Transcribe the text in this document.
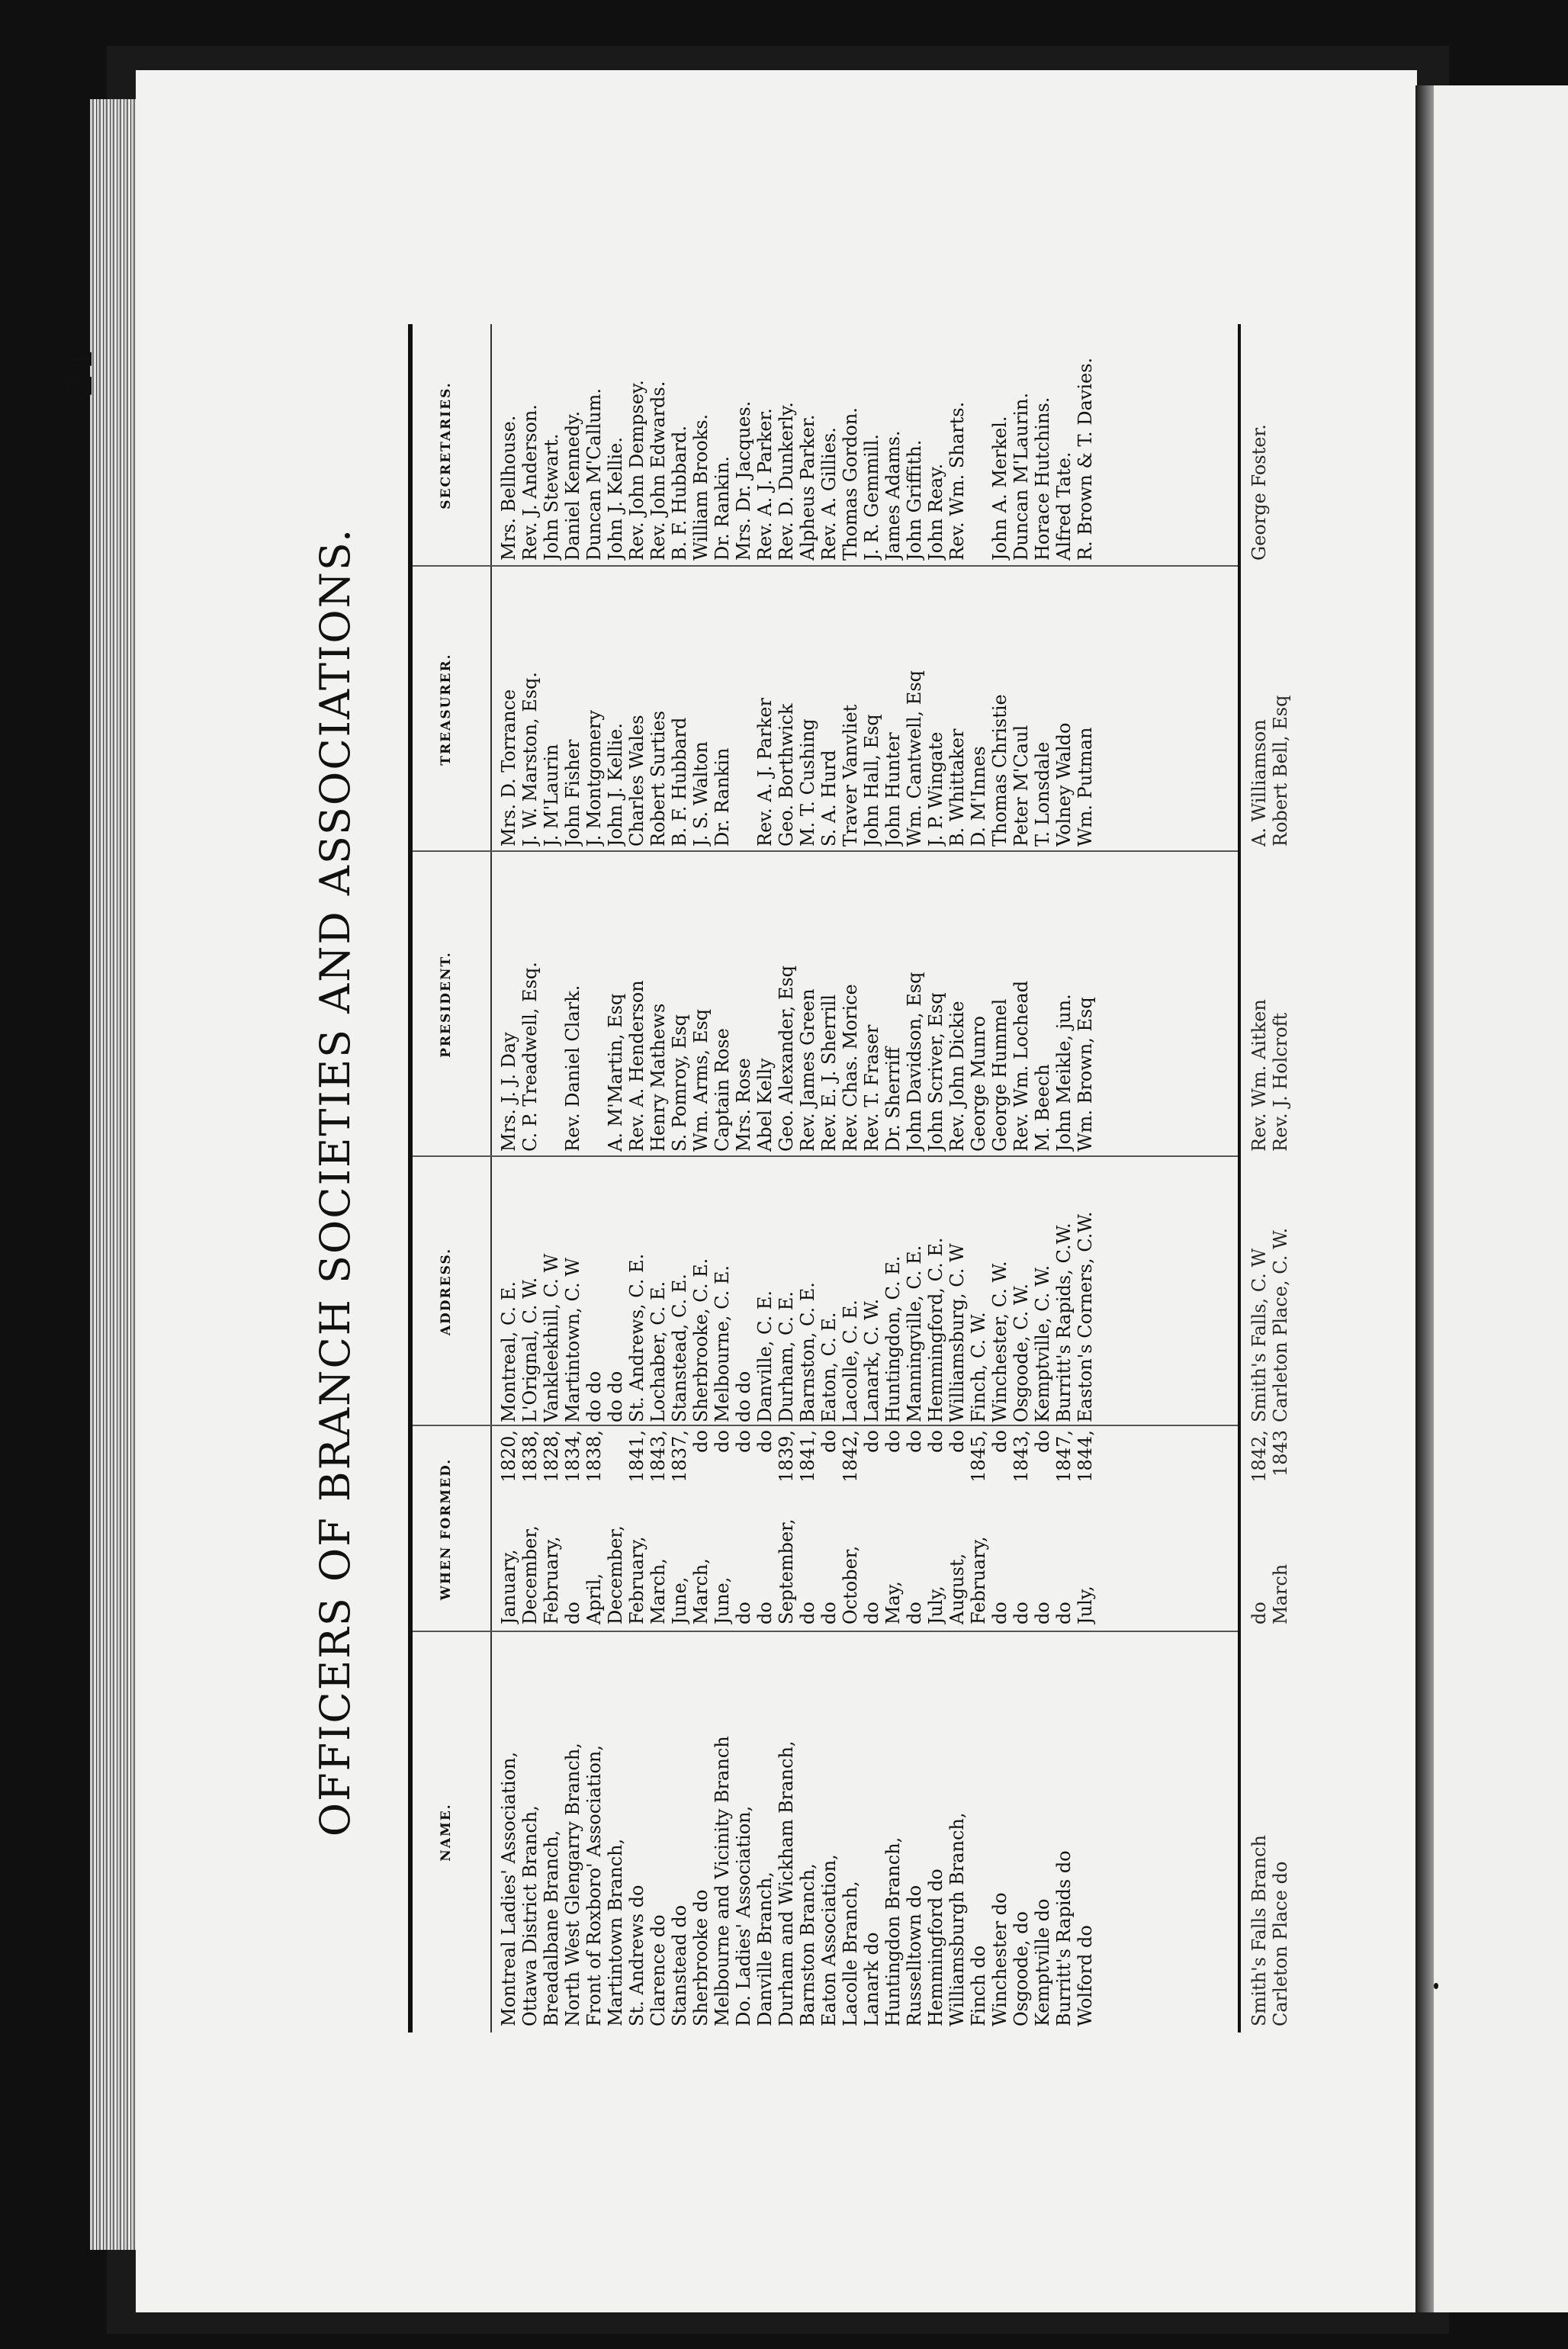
24
OFFICERS OF BRANCH SOCIETIES AND ASSOCIATIONS.	NAME.
WHEN FORMED.
ADDRESS.
PRESIDENT.
TREASURER.
SECRETARIES.
Montreal Ladies' Association,
January,
1820,
Montreal, C. E.
Mrs. J. J. Day
Mrs. D. Torrance
Mrs. Bellhouse.
Ottawa District Branch,
December,
1838,
L'Orignal, C. W.
C. P. Treadwell, Esq.
J. W. Marston, Esq.
Rev. J. Anderson.
Breadalbane Branch,
February,
1828,
Vankleekhill, C. W
J. M'Laurin
John Stewart.
North West Glengarry Branch,
do
1834,
Martintown, C. W
Rev. Daniel Clark.
John Fisher
Daniel Kennedy.
Front of Roxboro' Association,
April,
1838,
do do
J. Montgomery
Duncan M'Callum.
Martintown Branch,
December,
do do
A. M'Martin, Esq
John J. Kellie.
John J. Kellie.
St. Andrews do
February,
1841,
St. Andrews, C. E.
Rev. A. Henderson
Charles Wales
Rev. John Dempsey.
Clarence do
March,
1843,
Lochaber, C. E.
Henry Mathews
Robert Surties
Rev. John Edwards.
Stanstead do
June,
1837,
Stanstead, C. E.
S. Pomroy, Esq
B. F. Hubbard
B. F. Hubbard.
Sherbrooke do
March,
do
Sherbrooke, C. E.
Wm. Arms, Esq
J. S. Walton
William Brooks.
Melbourne and Vicinity Branch
June,
do
Melbourne, C. E.
Captain Rose
Dr. Rankin
Dr. Rankin.
Do. Ladies' Association,
do
do
do do
Mrs. Rose
Mrs. Dr. Jacques.
Danville Branch,
do
do
Danville, C. E.
Abel Kelly
Rev. A. J. Parker
Rev. A. J. Parker.
Durham and Wickham Branch,
September,
1839,
Durham, C. E.
Geo. Alexander, Esq
Geo. Borthwick
Rev. D. Dunkerly.
Barnston Branch,
do
1841,
Barnston, C. E.
Rev. James Green
M. T. Cushing
Alpheus Parker.
Eaton Association,
do
do
Eaton, C. E.
Rev. E. J. Sherrill
S. A. Hurd
Rev. A. Gillies.
Lacolle Branch,
October,
1842,
Lacolle, C. E.
Rev. Chas. Morice
Traver Vanvliet
Thomas Gordon.
Lanark do
do
do
Lanark, C. W.
Rev. T. Fraser
John Hall, Esq
J. R. Gemmill.
Huntingdon Branch,
May,
do
Huntingdon, C. E.
Dr. Sherriff
John Hunter
James Adams.
Russelltown do
do
do
Manningville, C. E.
John Davidson, Esq
Wm. Cantwell, Esq
John Griffith.
Hemmingford do
July,
do
Hemmingford, C. E.
John Scriver, Esq
J. P. Wingate
John Reay.
Williamsburgh Branch,
August,
do
Williamsburg, C. W
Rev. John Dickie
B. Whittaker
Rev. Wm. Sharts.
Finch do
February,
1845,
Finch, C. W.
George Munro
D. M'Innes
Winchester do
do
do
Winchester, C. W.
George Hummel
Thomas Christie
John A. Merkel.
Osgoode, do
do
1843,
Osgoode, C. W.
Rev. Wm. Lochead
Peter M'Caul
Duncan M'Laurin.
Kemptville do
do
do
Kemptville, C. W.
M. Beech
T. Lonsdale
Horace Hutchins.
Burritt's Rapids do
do
1847,
Burritt's Rapids, C.W.
John Meikle, jun.
Volney Waldo
Alfred Tate.
Wolford do
July,
1844,
Easton's Corners, C.W.
Wm. Brown, Esq
Wm. Putman
R. Brown & T. Davies.
Smith's Falls Branch
do
1842,
Smith's Falls, C. W
Rev. Wm. Aitken
A. Williamson
George Foster.
Carleton Place do
March
1843
Carleton Place, C. W.
Rev. J. Holcroft
Robert Bell, Esq
